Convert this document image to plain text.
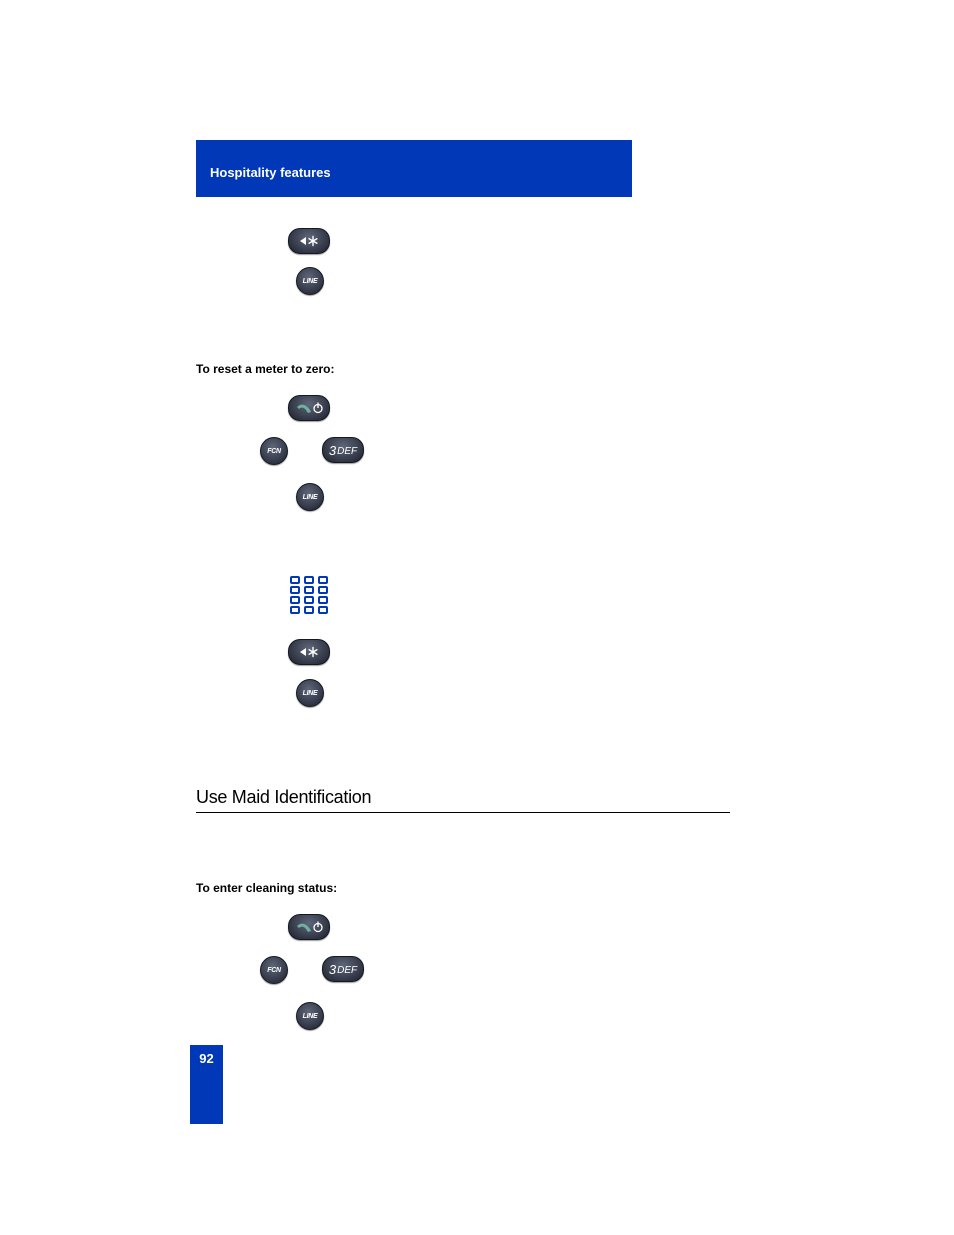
Hospitality features
LINE
To reset a meter to zero:
FCN	3 DEF
LINE
LINE
Use Maid Identification
To enter cleaning status:
FCN	3 DEF
LINE
92
